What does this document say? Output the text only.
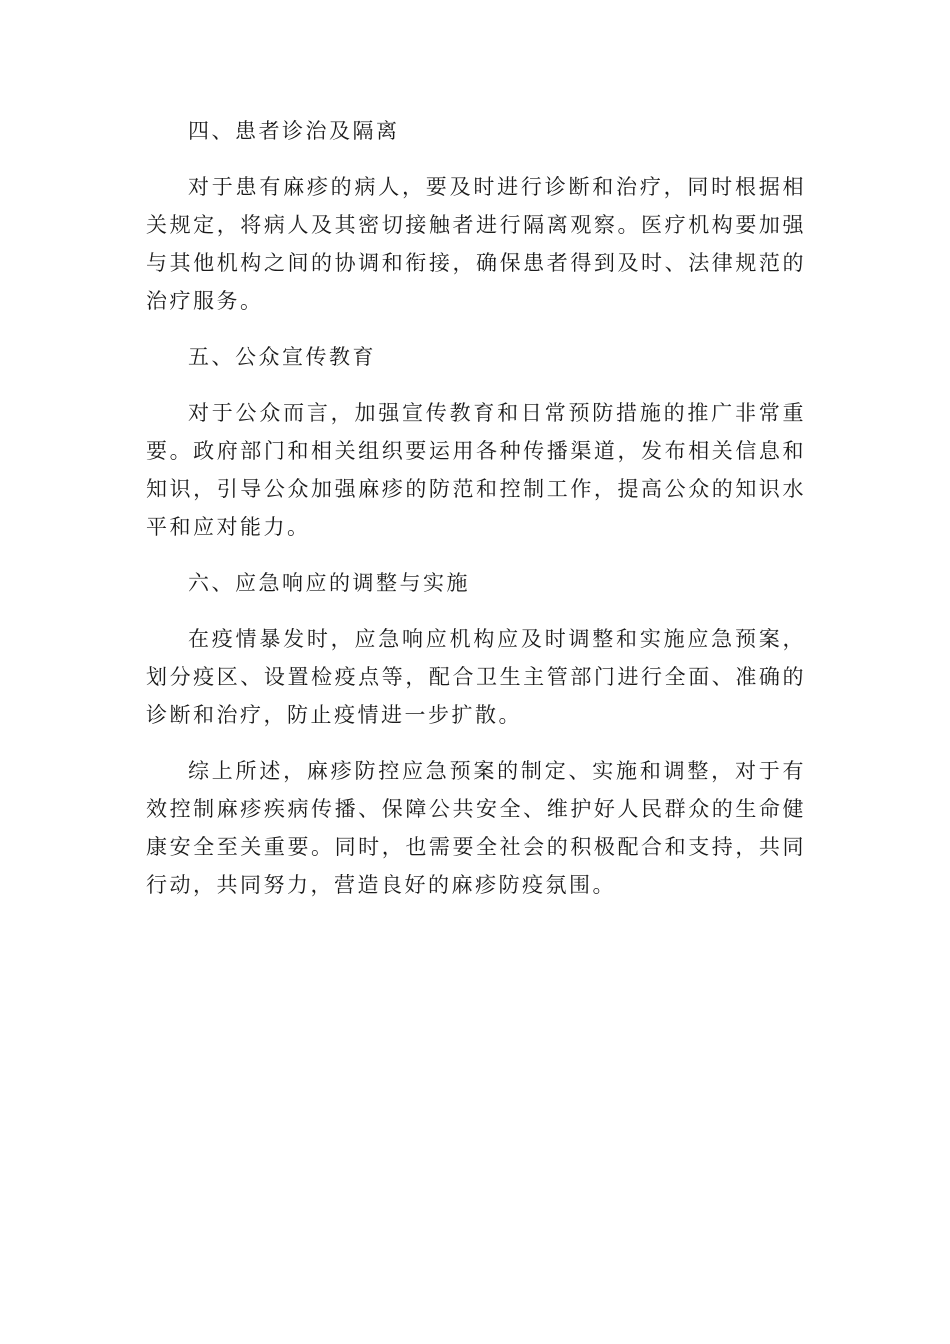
四、患者诊治及隔离

对于患有麻疹的病人，要及时进行诊断和治疗，同时根据相关规定，将病人及其密切接触者进行隔离观察。医疗机构要加强与其他机构之间的协调和衔接，确保患者得到及时、法律规范的治疗服务。

五、公众宣传教育

对于公众而言，加强宣传教育和日常预防措施的推广非常重要。政府部门和相关组织要运用各种传播渠道，发布相关信息和知识，引导公众加强麻疹的防范和控制工作，提高公众的知识水平和应对能力。

六、应急响应的调整与实施

在疫情暴发时，应急响应机构应及时调整和实施应急预案，划分疫区、设置检疫点等，配合卫生主管部门进行全面、准确的诊断和治疗，防止疫情进一步扩散。

综上所述，麻疹防控应急预案的制定、实施和调整，对于有效控制麻疹疾病传播、保障公共安全、维护好人民群众的生命健康安全至关重要。同时，也需要全社会的积极配合和支持，共同行动，共同努力，营造良好的麻疹防疫氛围。
